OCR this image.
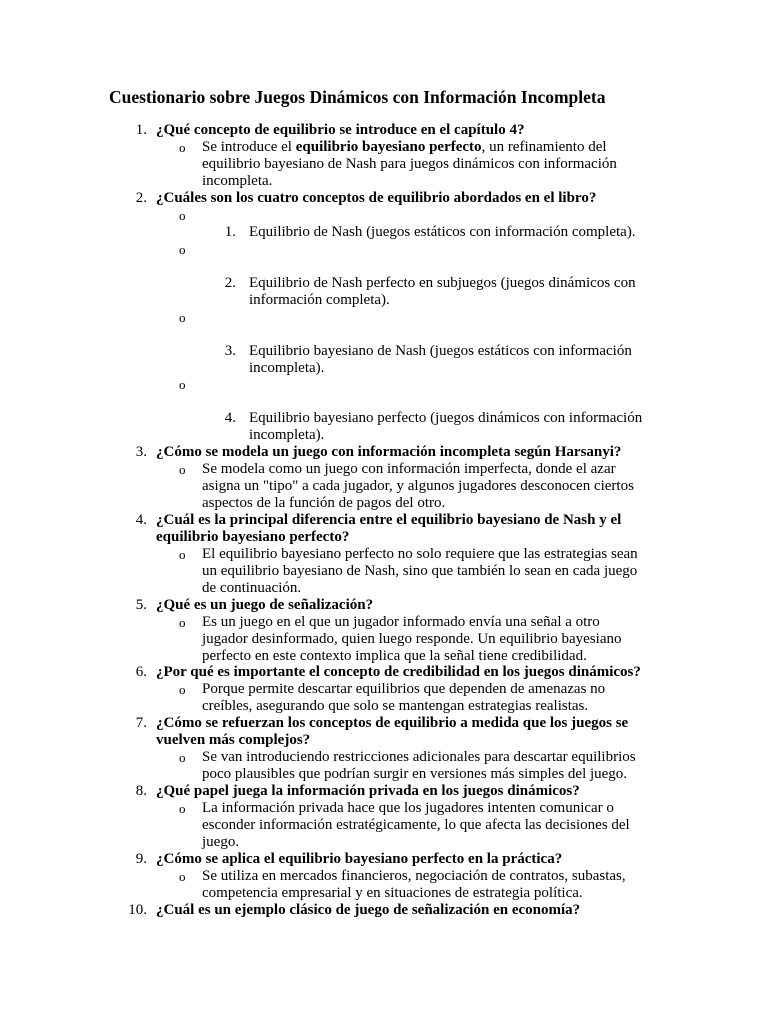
Cuestionario sobre Juegos Dinámicos con Información Incompleta
1. ¿Qué concepto de equilibrio se introduce en el capítulo 4?
o Se introduce el equilibrio bayesiano perfecto, un refinamiento del
equilibrio bayesiano de Nash para juegos dinámicos con información
incompleta.
2. ¿Cuáles son los cuatro conceptos de equilibrio abordados en el libro?
o
1. Equilibrio de Nash (juegos estáticos con información completa).
o
2. Equilibrio de Nash perfecto en subjuegos (juegos dinámicos con
información completa).
o
3. Equilibrio bayesiano de Nash (juegos estáticos con información
incompleta).
o
4. Equilibrio bayesiano perfecto (juegos dinámicos con información
incompleta).
3. ¿Cómo se modela un juego con información incompleta según Harsanyi?
o Se modela como un juego con información imperfecta, donde el azar
asigna un "tipo" a cada jugador, y algunos jugadores desconocen ciertos
aspectos de la función de pagos del otro.
4. ¿Cuál es la principal diferencia entre el equilibrio bayesiano de Nash y el
equilibrio bayesiano perfecto?
o El equilibrio bayesiano perfecto no solo requiere que las estrategias sean
un equilibrio bayesiano de Nash, sino que también lo sean en cada juego
de continuación.
5. ¿Qué es un juego de señalización?
o Es un juego en el que un jugador informado envía una señal a otro
jugador desinformado, quien luego responde. Un equilibrio bayesiano
perfecto en este contexto implica que la señal tiene credibilidad.
6. ¿Por qué es importante el concepto de credibilidad en los juegos dinámicos?
o Porque permite descartar equilibrios que dependen de amenazas no
creíbles, asegurando que solo se mantengan estrategias realistas.
7. ¿Cómo se refuerzan los conceptos de equilibrio a medida que los juegos se
vuelven más complejos?
o Se van introduciendo restricciones adicionales para descartar equilibrios
poco plausibles que podrían surgir en versiones más simples del juego.
8. ¿Qué papel juega la información privada en los juegos dinámicos?
o La información privada hace que los jugadores intenten comunicar o
esconder información estratégicamente, lo que afecta las decisiones del
juego.
9. ¿Cómo se aplica el equilibrio bayesiano perfecto en la práctica?
o Se utiliza en mercados financieros, negociación de contratos, subastas,
competencia empresarial y en situaciones de estrategia política.
10. ¿Cuál es un ejemplo clásico de juego de señalización en economía?
